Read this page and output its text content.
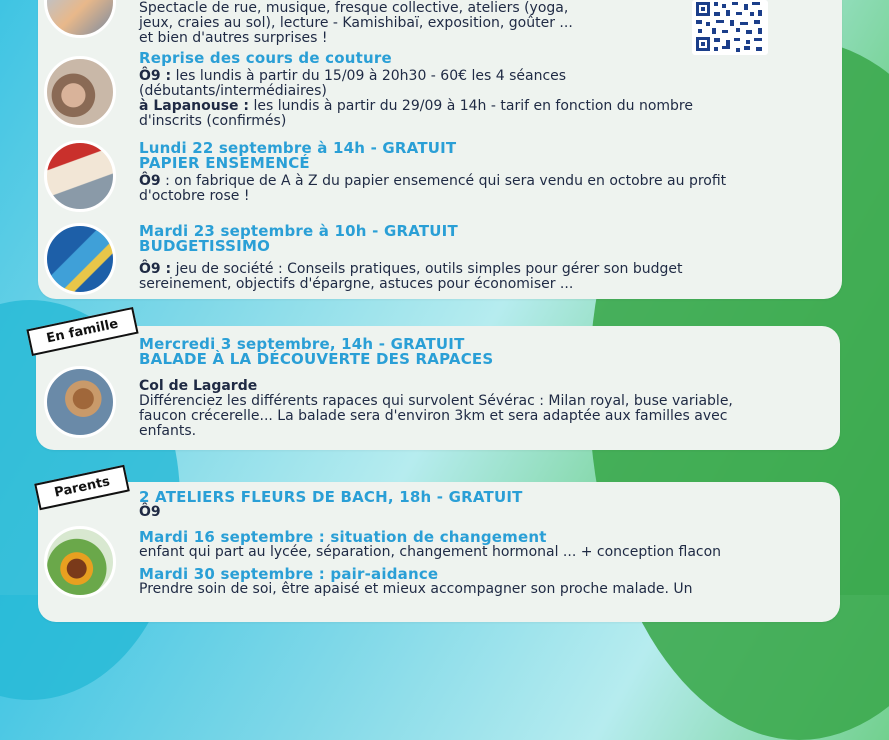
Spectacle de rue, musique, fresque collective, ateliers (yoga,
jeux, craies au sol), lecture - Kamishibaï, exposition, goûter ...
et bien d'autres surprises !
Reprise des cours de couture
Ô9 : les lundis à partir du 15/09 à 20h30 - 60€ les 4 séances
(débutants/intermédiaires)
à Lapanouse : les lundis à partir du 29/09 à 14h - tarif en fonction du nombre
d'inscrits (confirmés)
Lundi 22 septembre à 14h - GRATUIT
PAPIER ENSEMENCÉ
Ô9 : on fabrique de A à Z du papier ensemencé qui sera vendu en octobre au profit
d'octobre rose !
Mardi 23 septembre à 10h - GRATUIT
BUDGETISSIMO
Ô9 : jeu de société : Conseils pratiques, outils simples pour gérer son budget
sereinement, objectifs d'épargne, astuces pour économiser ...
En famille	Mercredi 3 septembre, 14h - GRATUIT
BALADE À LA DÉCOUVERTE DES RAPACES
Col de Lagarde
Différenciez les différents rapaces qui survolent Sévérac : Milan royal, buse variable,
faucon crécerelle... La balade sera d'environ 3km et sera adaptée aux familles avec
enfants.
Parents	2 ATELIERS FLEURS DE BACH, 18h - GRATUIT
Ô9
Mardi 16 septembre : situation de changement
enfant qui part au lycée, séparation, changement hormonal ... + conception flacon
Mardi 30 septembre : pair-aidance
Prendre soin de soi, être apaisé et mieux accompagner son proche malade. Un
